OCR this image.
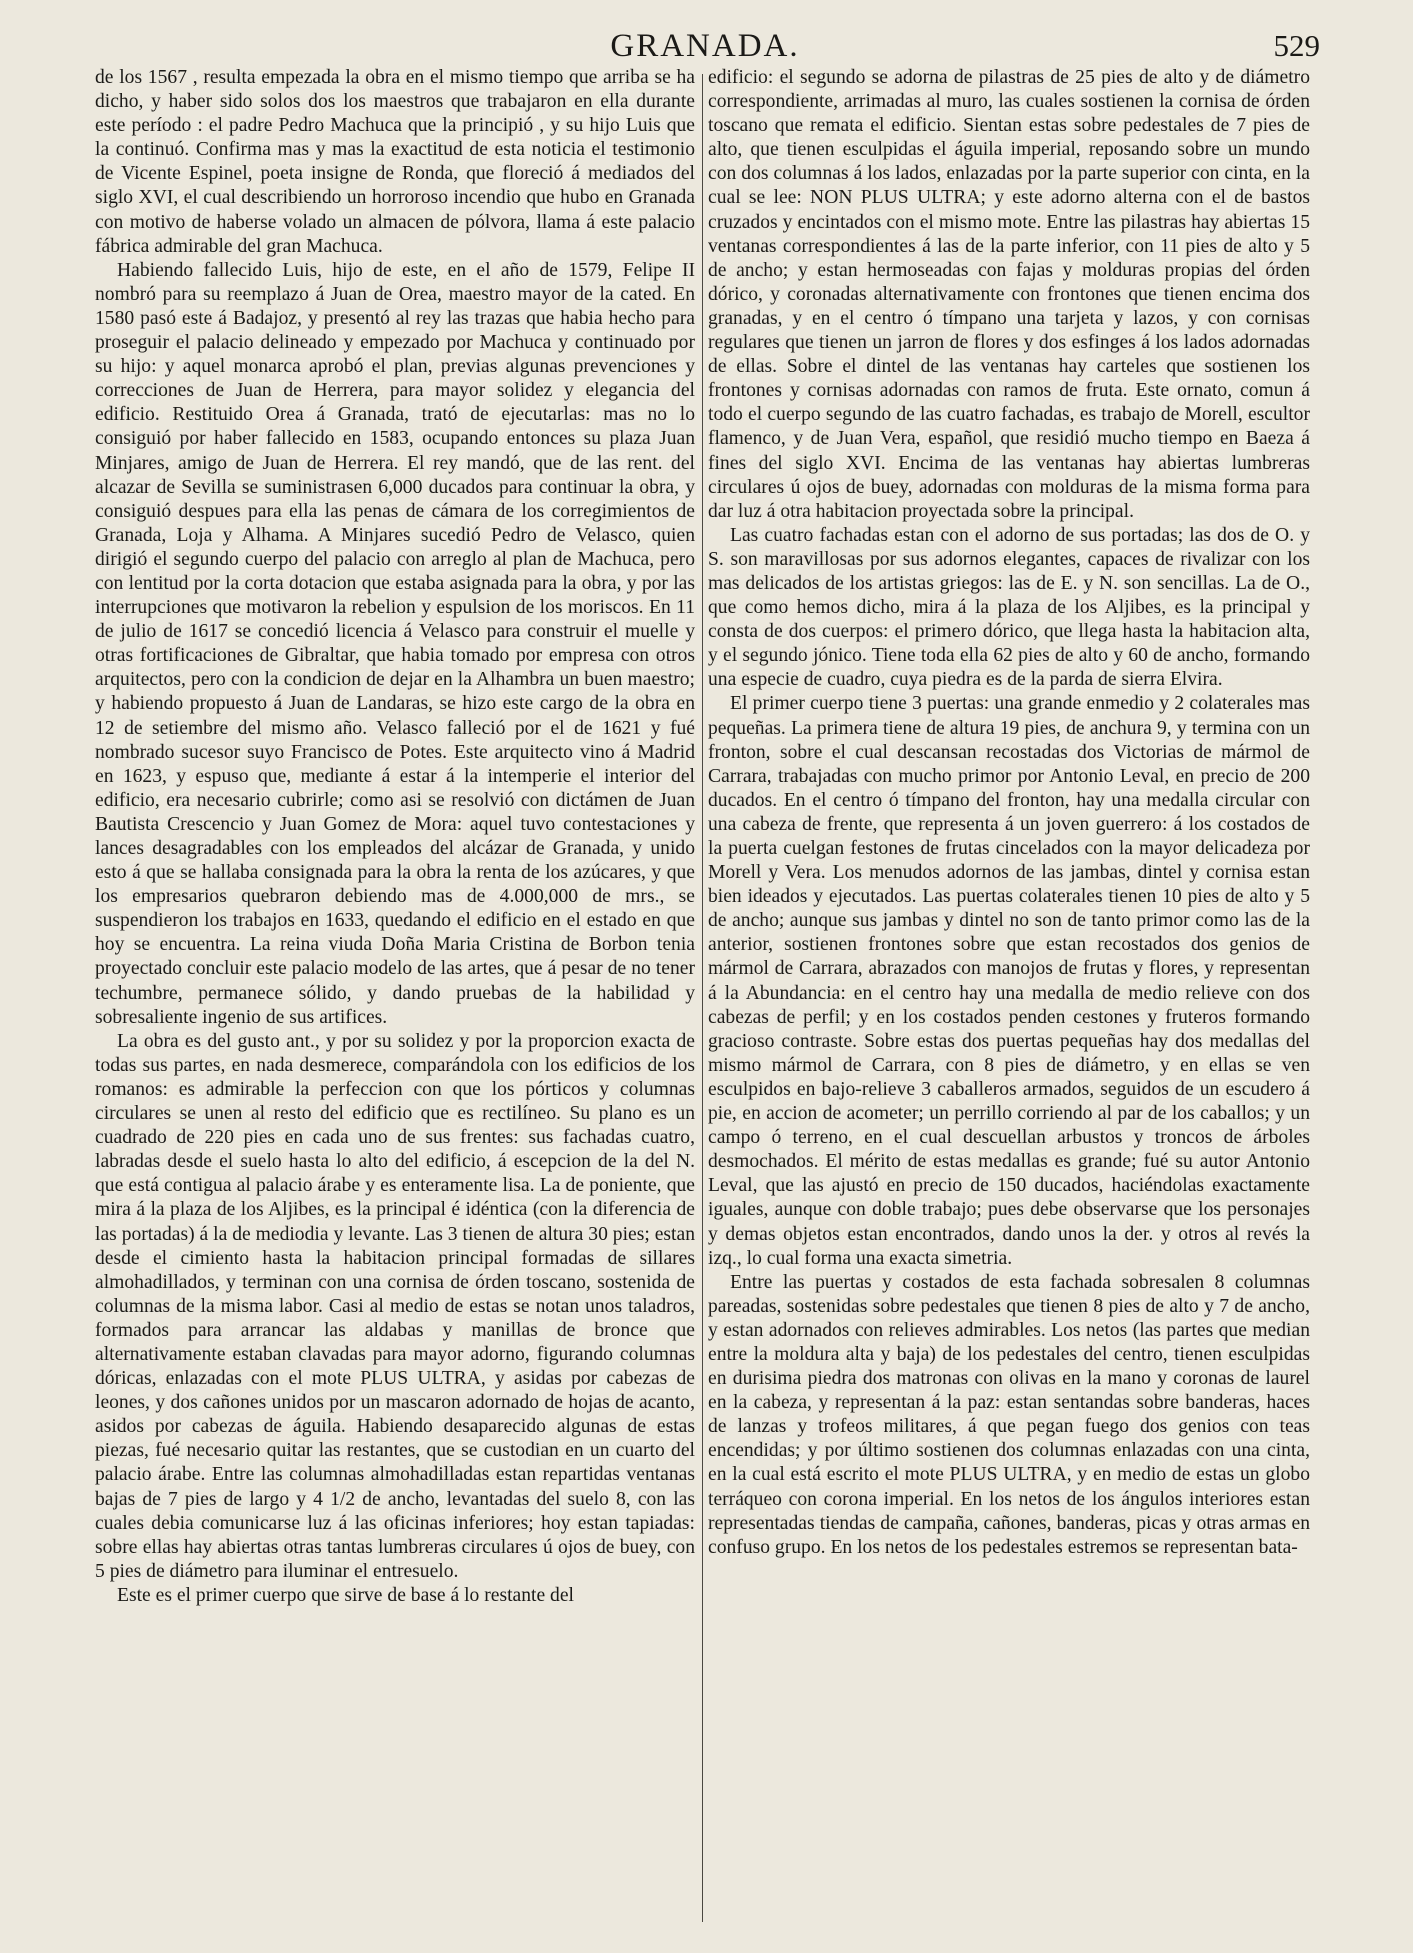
GRANADA.	529

de los 1567 , resulta empezada la obra en el mismo tiempo que arriba se ha dicho, y haber sido solos dos los maestros que trabajaron en ella durante este período : el padre Pedro Machuca que la principió , y su hijo Luis que la continuó. Confirma mas y mas la exactitud de esta noticia el testimonio de Vicente Espinel, poeta insigne de Ronda, que floreció á mediados del siglo XVI, el cual describiendo un horroroso incendio que hubo en Granada con motivo de haberse volado un almacen de pólvora, llama á este palacio fábrica admirable del gran Machuca.

Habiendo fallecido Luis, hijo de este, en el año de 1579, Felipe II nombró para su reemplazo á Juan de Orea, maestro mayor de la cated. En 1580 pasó este á Badajoz, y presentó al rey las trazas que habia hecho para proseguir el palacio delineado y empezado por Machuca y continuado por su hijo: y aquel monarca aprobó el plan, previas algunas prevenciones y correcciones de Juan de Herrera, para mayor solidez y elegancia del edificio. Restituido Orea á Granada, trató de ejecutarlas: mas no lo consiguió por haber fallecido en 1583, ocupando entonces su plaza Juan Minjares, amigo de Juan de Herrera. El rey mandó, que de las rent. del alcazar de Sevilla se suministrasen 6,000 ducados para continuar la obra, y consiguió despues para ella las penas de cámara de los corregimientos de Granada, Loja y Alhama. A Minjares sucedió Pedro de Velasco, quien dirigió el segundo cuerpo del palacio con arreglo al plan de Machuca, pero con lentitud por la corta dotacion que estaba asignada para la obra, y por las interrupciones que motivaron la rebelion y espulsion de los moriscos. En 11 de julio de 1617 se concedió licencia á Velasco para construir el muelle y otras fortificaciones de Gibraltar, que habia tomado por empresa con otros arquitectos, pero con la condicion de dejar en la Alhambra un buen maestro; y habiendo propuesto á Juan de Landaras, se hizo este cargo de la obra en 12 de setiembre del mismo año. Velasco falleció por el de 1621 y fué nombrado sucesor suyo Francisco de Potes. Este arquitecto vino á Madrid en 1623, y espuso que, mediante á estar á la intemperie el interior del edificio, era necesario cubrirle; como asi se resolvió con dictámen de Juan Bautista Crescencio y Juan Gomez de Mora: aquel tuvo contestaciones y lances desagradables con los empleados del alcázar de Granada, y unido esto á que se hallaba consignada para la obra la renta de los azúcares, y que los empresarios quebraron debiendo mas de 4.000,000 de mrs., se suspendieron los trabajos en 1633, quedando el edificio en el estado en que hoy se encuentra. La reina viuda Doña Maria Cristina de Borbon tenia proyectado concluir este palacio modelo de las artes, que á pesar de no tener techumbre, permanece sólido, y dando pruebas de la habilidad y sobresaliente ingenio de sus artifices.

La obra es del gusto ant., y por su solidez y por la proporcion exacta de todas sus partes, en nada desmerece, comparándola con los edificios de los romanos: es admirable la perfeccion con que los pórticos y columnas circulares se unen al resto del edificio que es rectilíneo. Su plano es un cuadrado de 220 pies en cada uno de sus frentes: sus fachadas cuatro, labradas desde el suelo hasta lo alto del edificio, á escepcion de la del N. que está contigua al palacio árabe y es enteramente lisa. La de poniente, que mira á la plaza de los Aljibes, es la principal é idéntica (con la diferencia de las portadas) á la de mediodia y levante. Las 3 tienen de altura 30 pies; estan desde el cimiento hasta la habitacion principal formadas de sillares almohadillados, y terminan con una cornisa de órden toscano, sostenida de columnas de la misma labor. Casi al medio de estas se notan unos taladros, formados para arrancar las aldabas y manillas de bronce que alternativamente estaban clavadas para mayor adorno, figurando columnas dóricas, enlazadas con el mote PLUS ULTRA, y asidas por cabezas de leones, y dos cañones unidos por un mascaron adornado de hojas de acanto, asidos por cabezas de águila. Habiendo desaparecido algunas de estas piezas, fué necesario quitar las restantes, que se custodian en un cuarto del palacio árabe. Entre las columnas almohadilladas estan repartidas ventanas bajas de 7 pies de largo y 4 1/2 de ancho, levantadas del suelo 8, con las cuales debia comunicarse luz á las oficinas inferiores; hoy estan tapiadas: sobre ellas hay abiertas otras tantas lumbreras circulares ú ojos de buey, con 5 pies de diámetro para iluminar el entresuelo.

Este es el primer cuerpo que sirve de base á lo restante del

edificio: el segundo se adorna de pilastras de 25 pies de alto y de diámetro correspondiente, arrimadas al muro, las cuales sostienen la cornisa de órden toscano que remata el edificio. Sientan estas sobre pedestales de 7 pies de alto, que tienen esculpidas el águila imperial, reposando sobre un mundo con dos columnas á los lados, enlazadas por la parte superior con cinta, en la cual se lee: NON PLUS ULTRA; y este adorno alterna con el de bastos cruzados y encintados con el mismo mote. Entre las pilastras hay abiertas 15 ventanas correspondientes á las de la parte inferior, con 11 pies de alto y 5 de ancho; y estan hermoseadas con fajas y molduras propias del órden dórico, y coronadas alternativamente con frontones que tienen encima dos granadas, y en el centro ó tímpano una tarjeta y lazos, y con cornisas regulares que tienen un jarron de flores y dos esfinges á los lados adornadas de ellas. Sobre el dintel de las ventanas hay carteles que sostienen los frontones y cornisas adornadas con ramos de fruta. Este ornato, comun á todo el cuerpo segundo de las cuatro fachadas, es trabajo de Morell, escultor flamenco, y de Juan Vera, español, que residió mucho tiempo en Baeza á fines del siglo XVI. Encima de las ventanas hay abiertas lumbreras circulares ú ojos de buey, adornadas con molduras de la misma forma para dar luz á otra habitacion proyectada sobre la principal.

Las cuatro fachadas estan con el adorno de sus portadas; las dos de O. y S. son maravillosas por sus adornos elegantes, capaces de rivalizar con los mas delicados de los artistas griegos: las de E. y N. son sencillas. La de O., que como hemos dicho, mira á la plaza de los Aljibes, es la principal y consta de dos cuerpos: el primero dórico, que llega hasta la habitacion alta, y el segundo jónico. Tiene toda ella 62 pies de alto y 60 de ancho, formando una especie de cuadro, cuya piedra es de la parda de sierra Elvira.

El primer cuerpo tiene 3 puertas: una grande enmedio y 2 colaterales mas pequeñas. La primera tiene de altura 19 pies, de anchura 9, y termina con un fronton, sobre el cual descansan recostadas dos Victorias de mármol de Carrara, trabajadas con mucho primor por Antonio Leval, en precio de 200 ducados. En el centro ó tímpano del fronton, hay una medalla circular con una cabeza de frente, que representa á un joven guerrero: á los costados de la puerta cuelgan festones de frutas cincelados con la mayor delicadeza por Morell y Vera. Los menudos adornos de las jambas, dintel y cornisa estan bien ideados y ejecutados. Las puertas colaterales tienen 10 pies de alto y 5 de ancho; aunque sus jambas y dintel no son de tanto primor como las de la anterior, sostienen frontones sobre que estan recostados dos genios de mármol de Carrara, abrazados con manojos de frutas y flores, y representan á la Abundancia: en el centro hay una medalla de medio relieve con dos cabezas de perfil; y en los costados penden cestones y fruteros formando gracioso contraste. Sobre estas dos puertas pequeñas hay dos medallas del mismo mármol de Carrara, con 8 pies de diámetro, y en ellas se ven esculpidos en bajo-relieve 3 caballeros armados, seguidos de un escudero á pie, en accion de acometer; un perrillo corriendo al par de los caballos; y un campo ó terreno, en el cual descuellan arbustos y troncos de árboles desmochados. El mérito de estas medallas es grande; fué su autor Antonio Leval, que las ajustó en precio de 150 ducados, haciéndolas exactamente iguales, aunque con doble trabajo; pues debe observarse que los personajes y demas objetos estan encontrados, dando unos la der. y otros al revés la izq., lo cual forma una exacta simetria.

Entre las puertas y costados de esta fachada sobresalen 8 columnas pareadas, sostenidas sobre pedestales que tienen 8 pies de alto y 7 de ancho, y estan adornados con relieves admirables. Los netos (las partes que median entre la moldura alta y baja) de los pedestales del centro, tienen esculpidas en durisima piedra dos matronas con olivas en la mano y coronas de laurel en la cabeza, y representan á la paz: estan sentandas sobre banderas, haces de lanzas y trofeos militares, á que pegan fuego dos genios con teas encendidas; y por último sostienen dos columnas enlazadas con una cinta, en la cual está escrito el mote PLUS ULTRA, y en medio de estas un globo terráqueo con corona imperial. En los netos de los ángulos interiores estan representadas tiendas de campaña, cañones, banderas, picas y otras armas en confuso grupo. En los netos de los pedestales estremos se representan bata-
